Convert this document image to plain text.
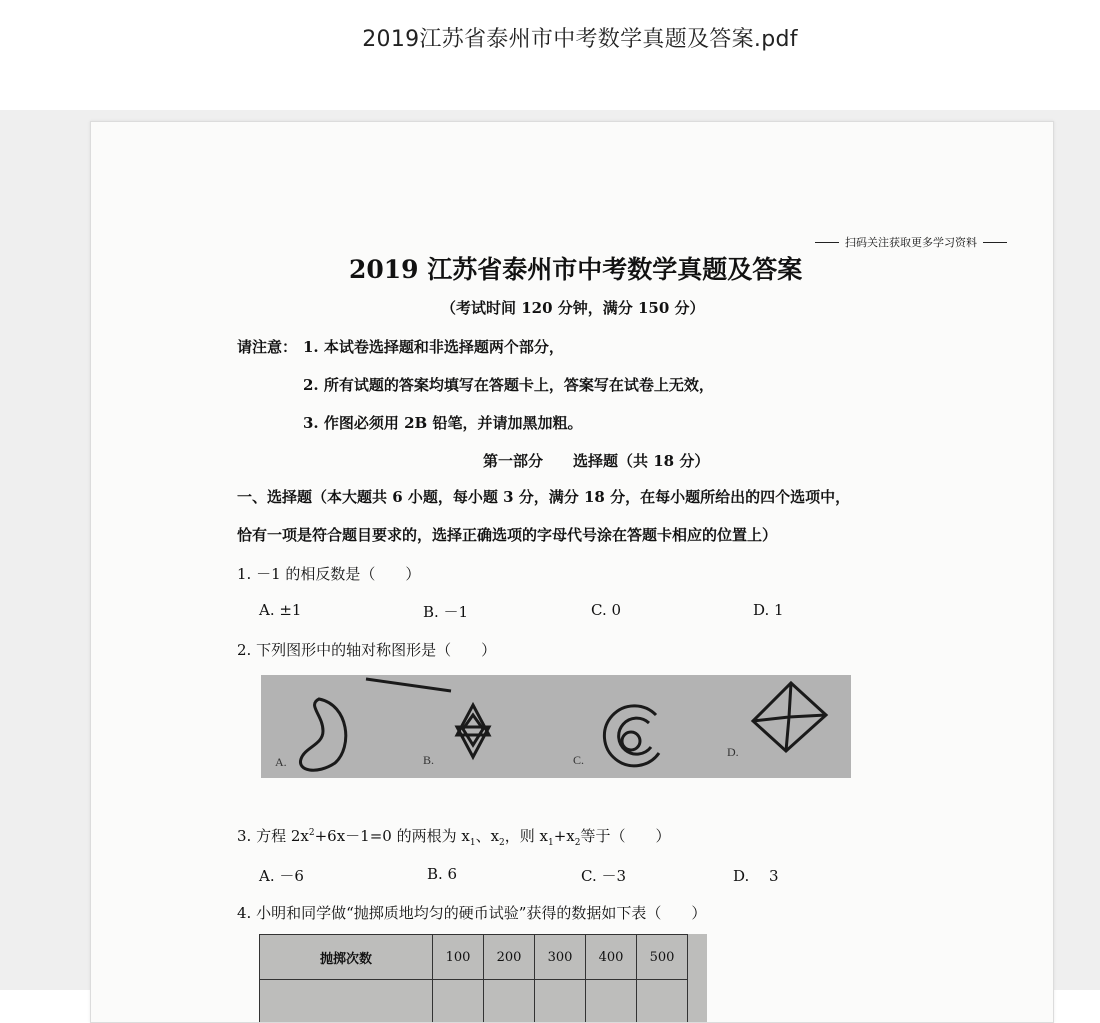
2019江苏省泰州市中考数学真题及答案.pdf
扫码关注获取更多学习资料
2019 江苏省泰州市中考数学真题及答案
（考试时间 120 分钟，满分 150 分）
请注意： 1. 本试卷选择题和非选择题两个部分，
2. 所有试题的答案均填写在答题卡上，答案写在试卷上无效，
3. 作图必须用 2B 铅笔，并请加黑加粗。
第一部分　　选择题（共 18 分）
一、选择题（本大题共 6 小题，每小题 3 分，满分 18 分，在每小题所给出的四个选项中，
恰有一项是符合题目要求的，选择正确选项的字母代号涂在答题卡相应的位置上）
1. －1 的相反数是（　　）
A. ±1	B. －1	C. 0	D. 1
2. 下列图形中的轴对称图形是（　　）
A.	B.	C.
D.
3. 方程 $2x^2+6x-1=0$ 的两根为 $x_1$、$x_2$，则 $x_1+x_2$等于（　　）
A. －6	B. 6	C. －3	D.　 3
4. 小明和同学做“抛掷质地均匀的硬币试验”获得的数据如下表（　　）
抛掷次数	100	200	300	400	500
